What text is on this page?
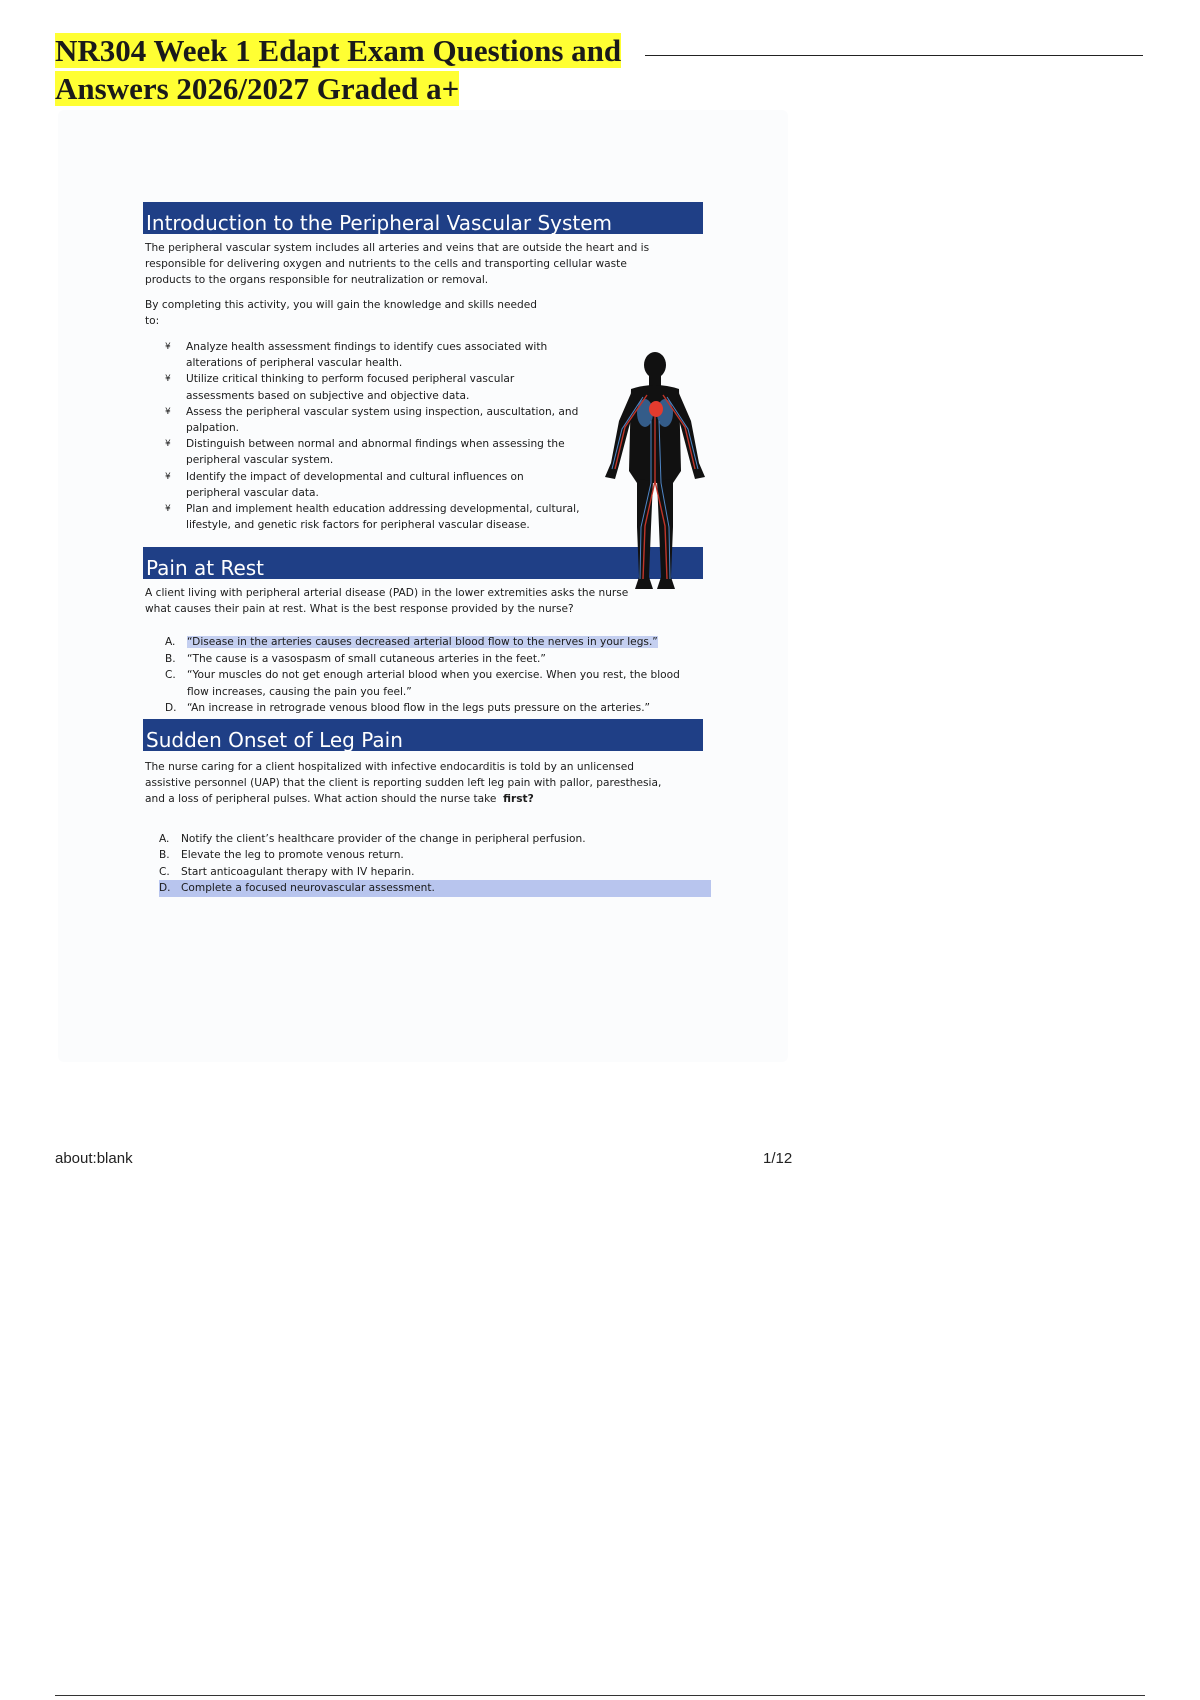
NR304 Week 1 Edapt Exam Questions and
Answers 2026/2027 Graded a+
Introduction to the Peripheral Vascular System

The peripheral vascular system includes all arteries and veins that are outside the heart and is
responsible for delivering oxygen and nutrients to the cells and transporting cellular waste
products to the organs responsible for neutralization or removal.

By completing this activity, you will gain the knowledge and skills needed
to:

¥ Analyze health assessment findings to identify cues associated with alterations of peripheral vascular health.
¥ Utilize critical thinking to perform focused peripheral vascular assessments based on subjective and objective data.
¥ Assess the peripheral vascular system using inspection, auscultation, and palpation.
¥ Distinguish between normal and abnormal findings when assessing the peripheral vascular system.
¥ Identify the impact of developmental and cultural influences on peripheral vascular data.
¥ Plan and implement health education addressing developmental, cultural, lifestyle, and genetic risk factors for peripheral vascular disease.
Pain at Rest

A client living with peripheral arterial disease (PAD) in the lower extremities asks the nurse
what causes their pain at rest. What is the best response provided by the nurse?

A. “Disease in the arteries causes decreased arterial blood flow to the nerves in your legs.”
B. “The cause is a vasospasm of small cutaneous arteries in the feet.”
C. “Your muscles do not get enough arterial blood when you exercise. When you rest, the blood flow increases, causing the pain you feel.”
D. “An increase in retrograde venous blood flow in the legs puts pressure on the arteries.”
Sudden Onset of Leg Pain

The nurse caring for a client hospitalized with infective endocarditis is told by an unlicensed
assistive personnel (UAP) that the client is reporting sudden left leg pain with pallor, paresthesia,
and a loss of peripheral pulses. What action should the nurse take first?

A. Notify the client’s healthcare provider of the change in peripheral perfusion.
B. Elevate the leg to promote venous return.
C. Start anticoagulant therapy with IV heparin.
D. Complete a focused neurovascular assessment.
about:blank	1/12
